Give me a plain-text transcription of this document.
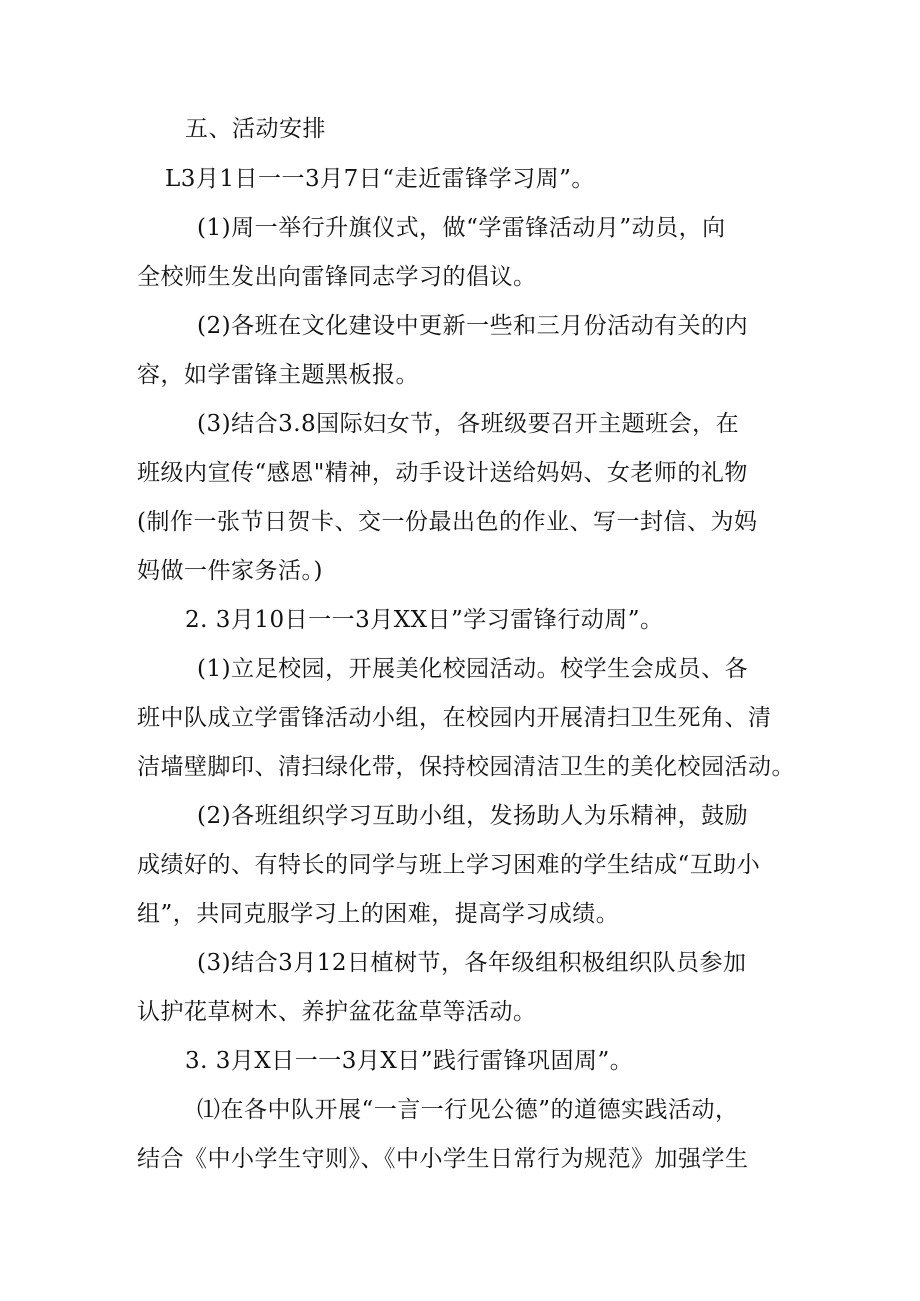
五、活动安排
L3月1日一一3月7日“走近雷锋学习周”。
(1)周一举行升旗仪式，做“学雷锋活动月”动员，向
全校师生发出向雷锋同志学习的倡议。
(2)各班在文化建设中更新一些和三月份活动有关的内
容，如学雷锋主题黑板报。
(3)结合3.8国际妇女节，各班级要召开主题班会，在
班级内宣传“感恩"精神，动手设计送给妈妈、女老师的礼物
(制作一张节日贺卡、交一份最出色的作业、写一封信、为妈
妈做一件家务活。)
2. 3月10日一一3月XX日”学习雷锋行动周”。
(1)立足校园，开展美化校园活动。校学生会成员、各
班中队成立学雷锋活动小组，在校园内开展清扫卫生死角、清
洁墙壁脚印、清扫绿化带，保持校园清洁卫生的美化校园活动。
(2)各班组织学习互助小组，发扬助人为乐精神，鼓励
成绩好的、有特长的同学与班上学习困难的学生结成“互助小
组”，共同克服学习上的困难，提高学习成绩。
(3)结合3月12日植树节，各年级组积极组织队员参加
认护花草树木、养护盆花盆草等活动。
3. 3月X日一一3月X日”践行雷锋巩固周”。
⑴在各中队开展“一言一行见公德”的道德实践活动，
结合《中小学生守则》、《中小学生日常行为规范》加强学生
